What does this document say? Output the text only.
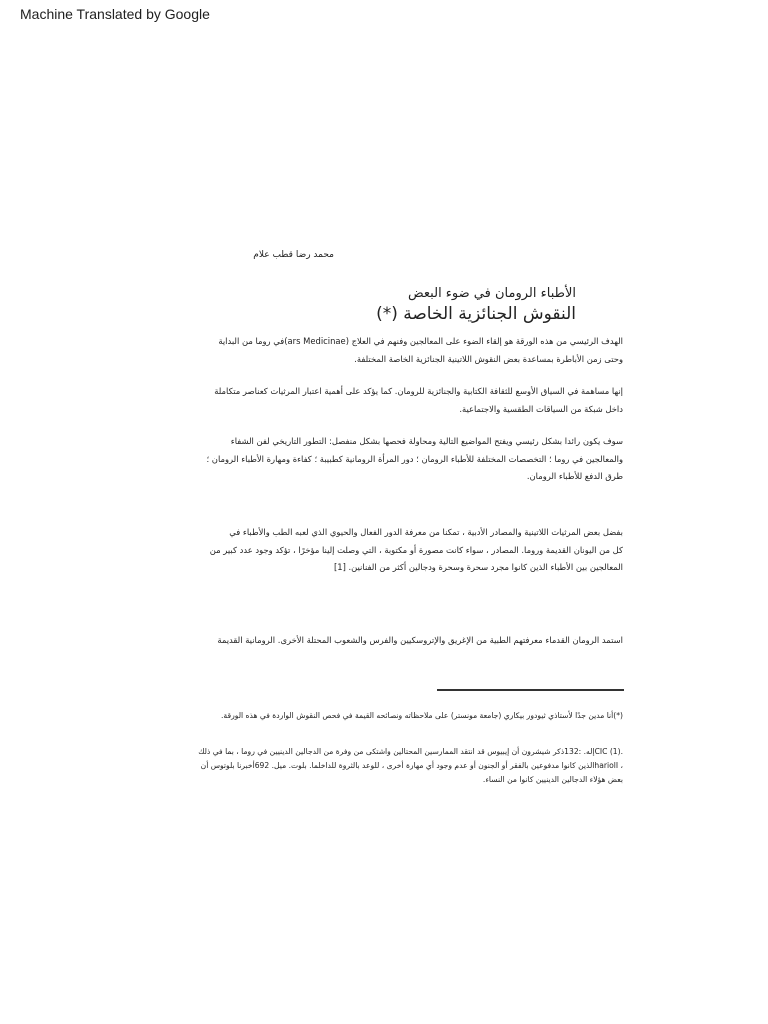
Machine Translated by Google
محمد رضا قطب علام
الأطباء الرومان في ضوء البعض
النقوش الجنائزية الخاصة (*)

الهدف الرئيسي من هذه الورقة هو إلقاء الضوء على المعالجين وفنهم في العلاج (ars Medicinae)في روما من البداية

وحتى زمن الأباطرة بمساعدة بعض النقوش اللاتينية الجنائزية الخاصة المختلفة.

إنها مساهمة في السياق الأوسع للثقافة الكتابية والجنائزية للرومان. كما يؤكد على أهمية اعتبار المرثيات كعناصر متكاملة

داخل شبكة من السياقات الطقسية والاجتماعية.

سوف يكون رائدا بشكل رئيسي ويفتح المواضيع التالية ومحاولة فحصها بشكل منفصل: التطور التاريخي لفن الشفاء

والمعالجين في روما ؛ التخصصات المختلفة للأطباء الرومان ؛ دور المرأة الرومانية كطبيبة ؛ كفاءة ومهارة الأطباء الرومان ؛

طرق الدفع للأطباء الرومان.

بفضل بعض المرثيات اللاتينية والمصادر الأدبية ، تمكنا من معرفة الدور الفعال والحيوي الذي لعبه الطب والأطباء في

كل من اليونان القديمة وروما. المصادر ، سواء كانت مصورة أو مكتوبة ، التي وصلت إلينا مؤخرًا ، تؤكد وجود عدد كبير من

المعالجين بين الأطباء الذين كانوا مجرد سحرة وسحرة ودجالين أكثر من الفنانين. [1]

استمد الرومان القدماء معرفتهم الطبية من الإغريق والإتروسكيين والفرس والشعوب المحتلة الأخرى. الرومانية القديمة

(*)أنا مدين جدًا لأستاذي ثيودور بيكاري (جامعة مونستر) على ملاحظاته ونصائحه القيمة في فحص النقوش الواردة في هذه الورقة.

.CIC (1)إله. :132ذكر شيشرون أن إيبيوس قد انتقد الممارسين المحتالين واشتكى من وفرة من الدجالين الدينيين في روما ، بما في ذلك

، hariolIالذين كانوا مدفوعين بالفقر أو الجنون أو عدم وجود أي مهارة أخرى ، للوعد بالثروة للداخلما. بلوت. ميل. 692أخبرنا بلوتوس أن

بعض هؤلاء الدجالين الدينيين كانوا من النساء.
